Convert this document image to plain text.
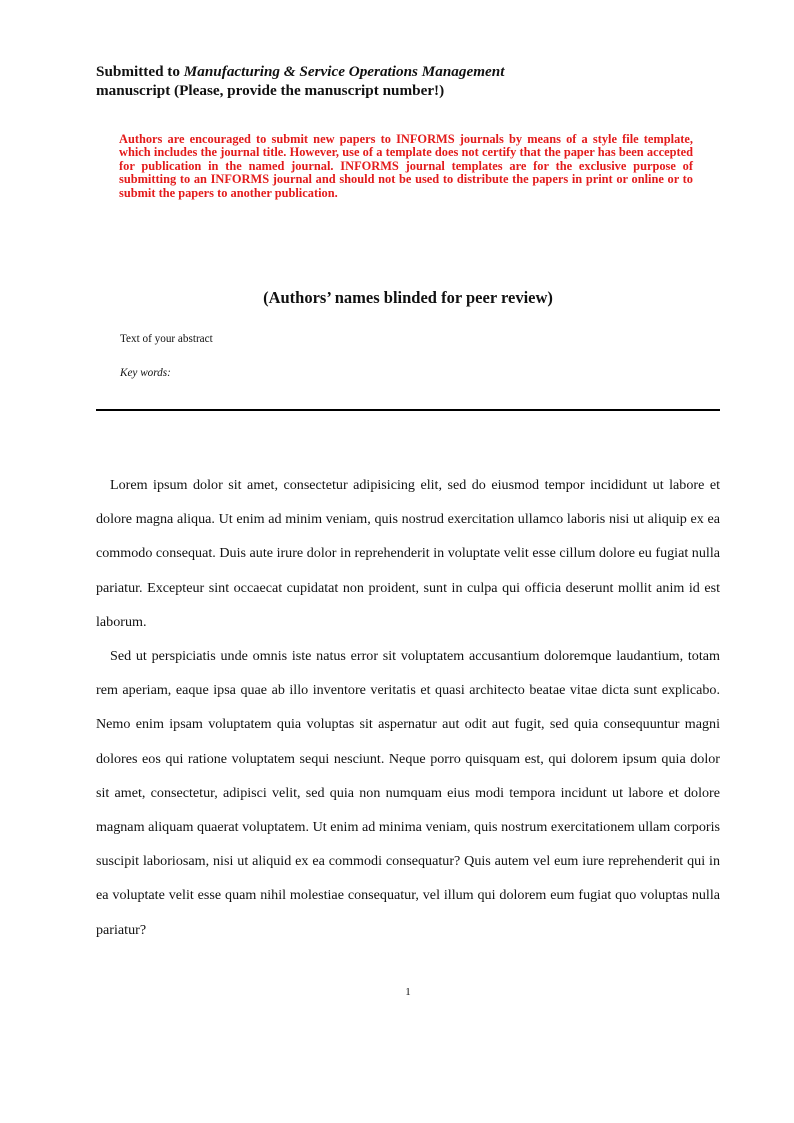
Submitted to Manufacturing & Service Operations Management
manuscript (Please, provide the manuscript number!)
Authors are encouraged to submit new papers to INFORMS journals by means of a style file template, which includes the journal title. However, use of a template does not certify that the paper has been accepted for publication in the named journal. INFORMS journal templates are for the exclusive purpose of submitting to an INFORMS journal and should not be used to distribute the papers in print or online or to submit the papers to another publication.
(Authors’ names blinded for peer review)
Text of your abstract
Key words:

Lorem ipsum dolor sit amet, consectetur adipisicing elit, sed do eiusmod tempor incididunt ut labore et dolore magna aliqua. Ut enim ad minim veniam, quis nostrud exercitation ullamco laboris nisi ut aliquip ex ea commodo consequat. Duis aute irure dolor in reprehenderit in voluptate velit esse cillum dolore eu fugiat nulla pariatur. Excepteur sint occaecat cupidatat non proident, sunt in culpa qui officia deserunt mollit anim id est laborum.

Sed ut perspiciatis unde omnis iste natus error sit voluptatem accusantium doloremque laudantium, totam rem aperiam, eaque ipsa quae ab illo inventore veritatis et quasi architecto beatae vitae dicta sunt explicabo. Nemo enim ipsam voluptatem quia voluptas sit aspernatur aut odit aut fugit, sed quia consequuntur magni dolores eos qui ratione voluptatem sequi nesciunt. Neque porro quisquam est, qui dolorem ipsum quia dolor sit amet, consectetur, adipisci velit, sed quia non numquam eius modi tempora incidunt ut labore et dolore magnam aliquam quaerat voluptatem. Ut enim ad minima veniam, quis nostrum exercitationem ullam corporis suscipit laboriosam, nisi ut aliquid ex ea commodi consequatur? Quis autem vel eum iure reprehenderit qui in ea voluptate velit esse quam nihil molestiae consequatur, vel illum qui dolorem eum fugiat quo voluptas nulla pariatur?

1
